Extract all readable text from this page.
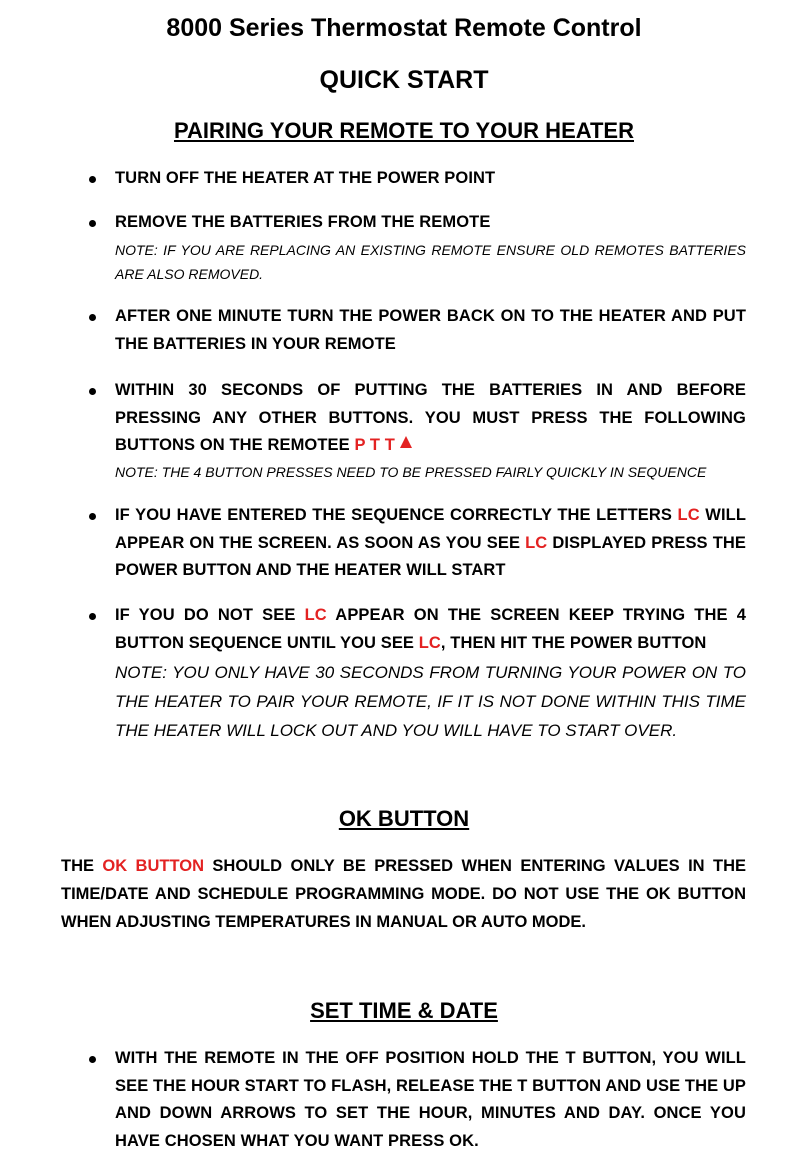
8000 Series Thermostat Remote Control
QUICK START
PAIRING YOUR REMOTE TO YOUR HEATER
TURN OFF THE HEATER AT THE POWER POINT
REMOVE THE BATTERIES FROM THE REMOTE
NOTE: IF YOU ARE REPLACING AN EXISTING REMOTE ENSURE OLD REMOTES BATTERIES ARE ALSO REMOVED.
AFTER ONE MINUTE TURN THE POWER BACK ON TO THE HEATER AND PUT THE BATTERIES IN YOUR REMOTE
WITHIN 30 SECONDS OF PUTTING THE BATTERIES IN AND BEFORE PRESSING ANY OTHER BUTTONS. YOU MUST PRESS THE FOLLOWING BUTTONS ON THE REMOTEE P T T
NOTE: THE 4 BUTTON PRESSES NEED TO BE PRESSED FAIRLY QUICKLY IN SEQUENCE
IF YOU HAVE ENTERED THE SEQUENCE CORRECTLY THE LETTERS LC WILL APPEAR ON THE SCREEN. AS SOON AS YOU SEE LC DISPLAYED PRESS THE POWER BUTTON AND THE HEATER WILL START
IF YOU DO NOT SEE LC APPEAR ON THE SCREEN KEEP TRYING THE 4 BUTTON SEQUENCE UNTIL YOU SEE LC, THEN HIT THE POWER BUTTON
NOTE: YOU ONLY HAVE 30 SECONDS FROM TURNING YOUR POWER ON TO THE HEATER TO PAIR YOUR REMOTE, IF IT IS NOT DONE WITHIN THIS TIME THE HEATER WILL LOCK OUT AND YOU WILL HAVE TO START OVER.
OK BUTTON
THE OK BUTTON SHOULD ONLY BE PRESSED WHEN ENTERING VALUES IN THE TIME/DATE AND SCHEDULE PROGRAMMING MODE. DO NOT USE THE OK BUTTON WHEN ADJUSTING TEMPERATURES IN MANUAL OR AUTO MODE.
SET TIME & DATE
WITH THE REMOTE IN THE OFF POSITION HOLD THE T BUTTON, YOU WILL SEE THE HOUR START TO FLASH, RELEASE THE T BUTTON AND USE THE UP AND DOWN ARROWS TO SET THE HOUR, MINUTES AND DAY. ONCE YOU HAVE CHOSEN WHAT YOU WANT PRESS OK.
